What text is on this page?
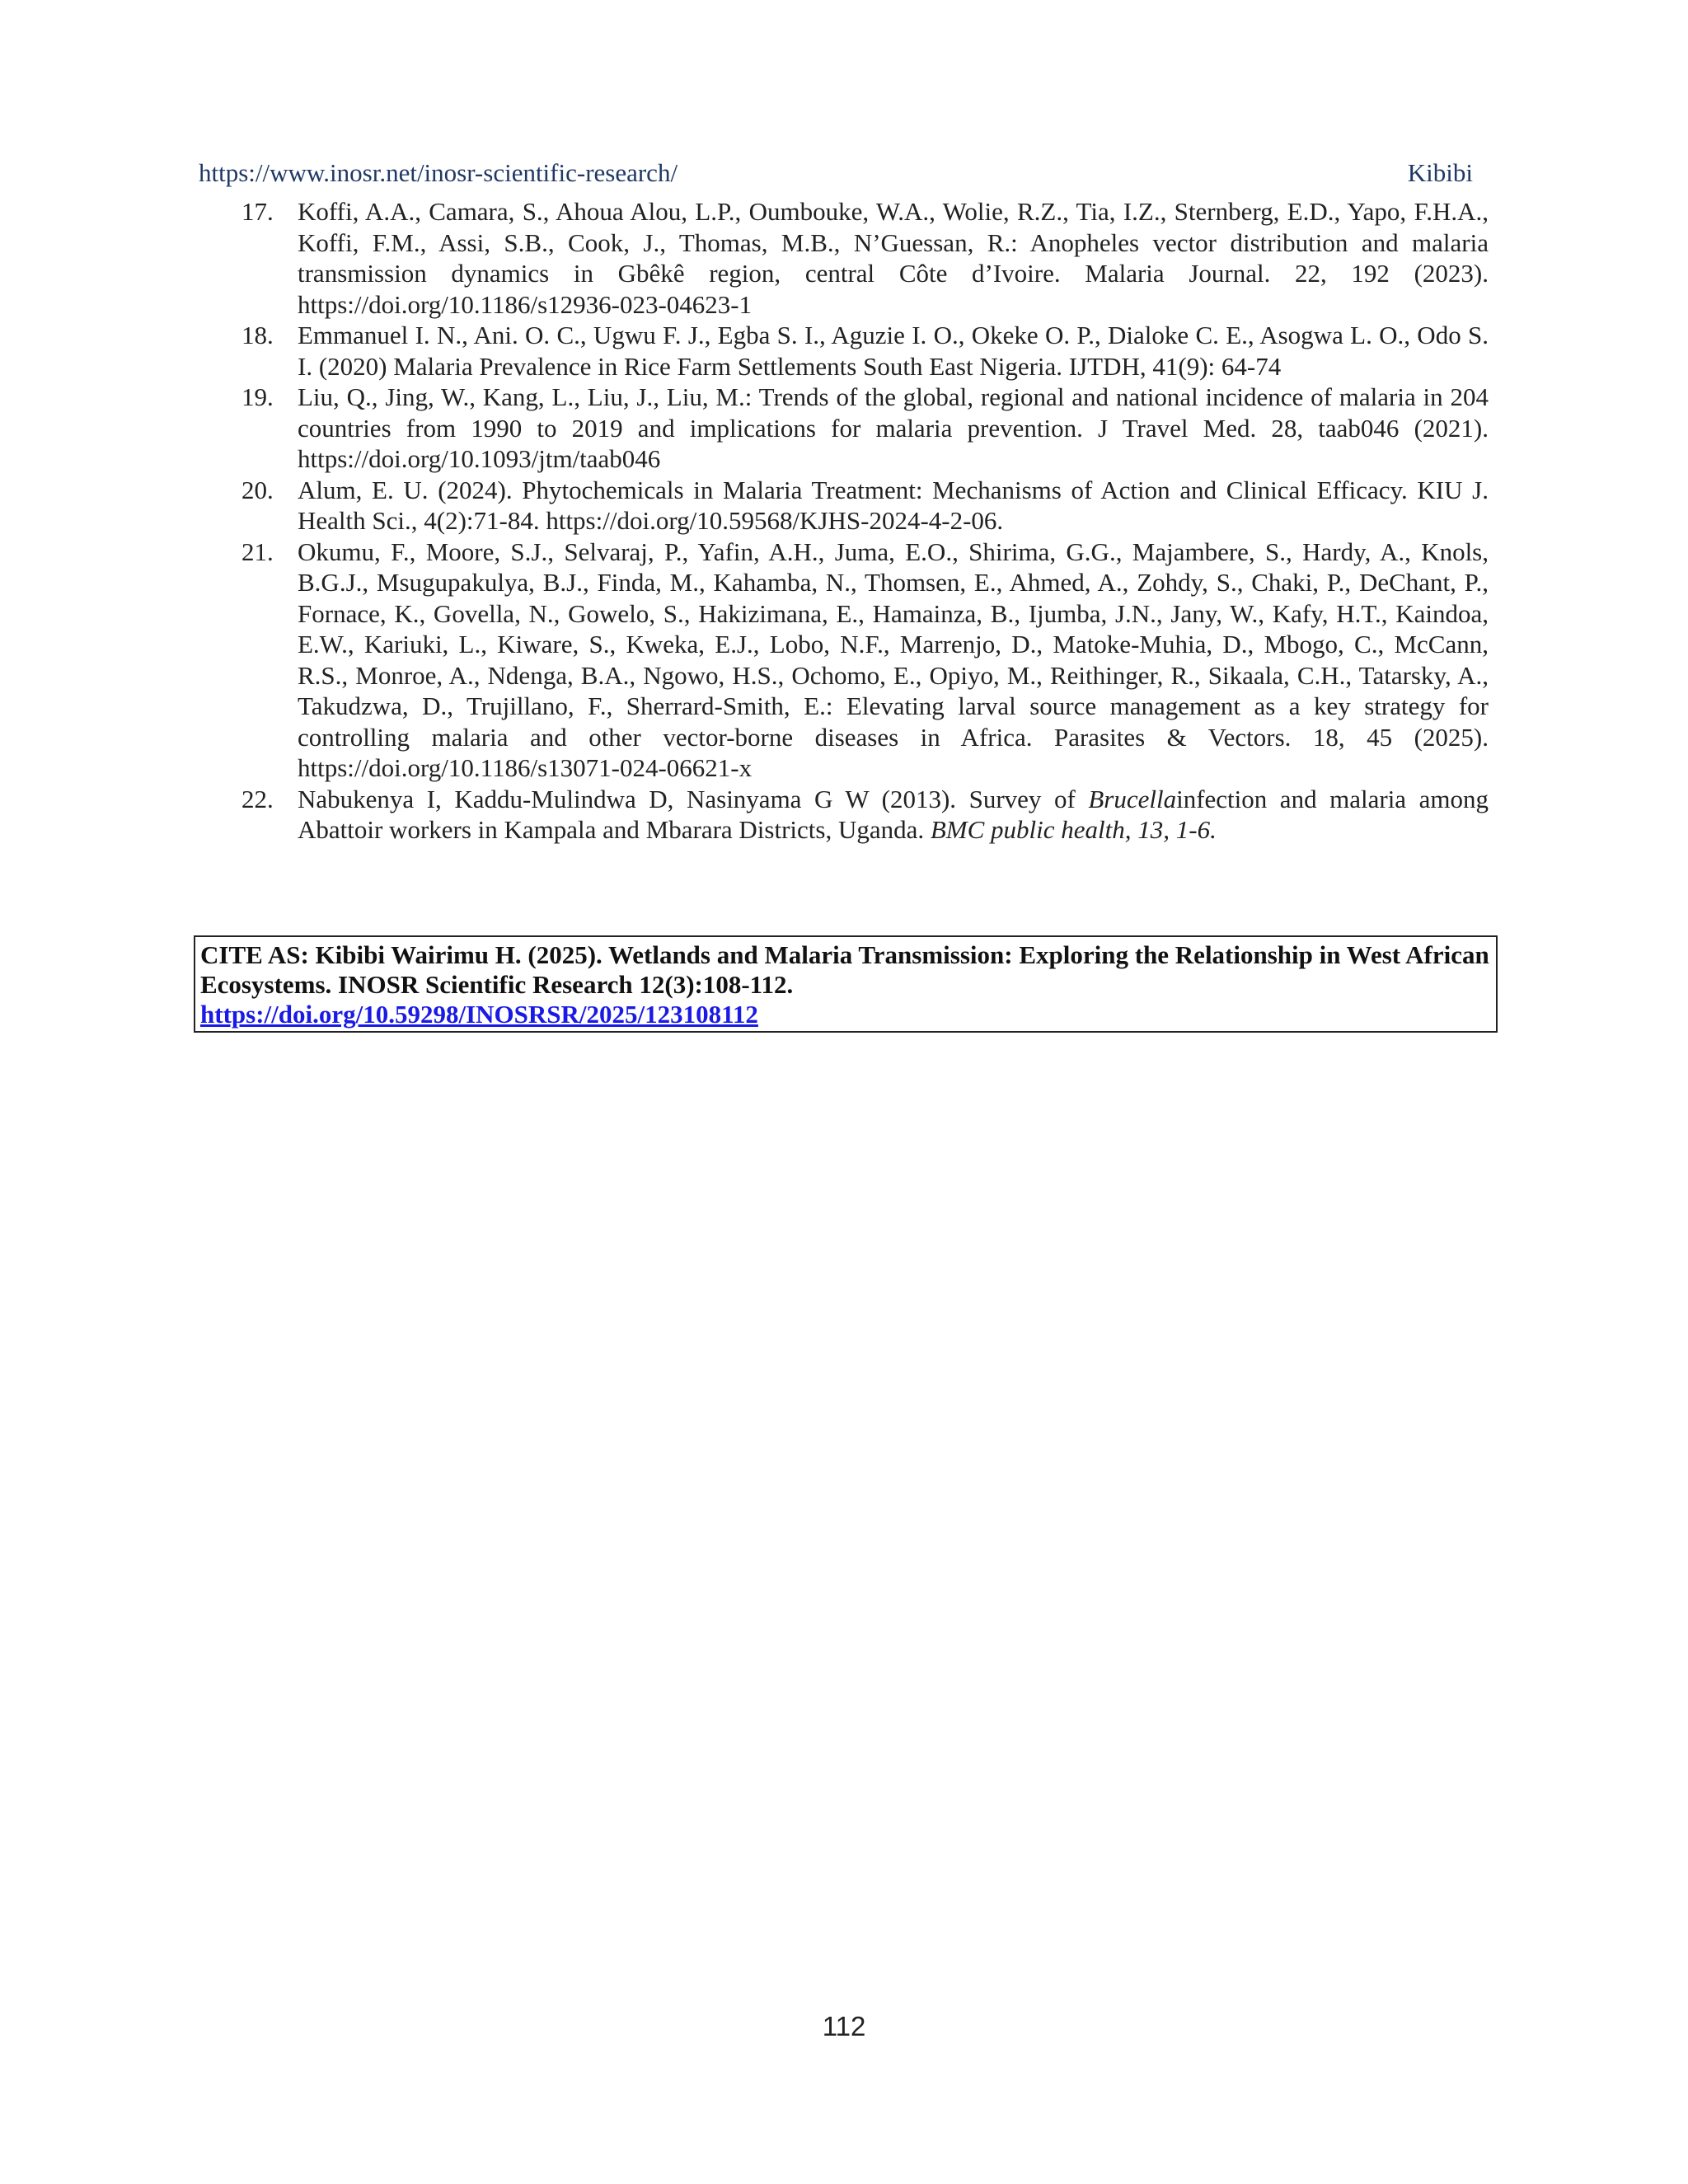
https://www.inosr.net/inosr-scientific-research/	Kibibi
17. Koffi, A.A., Camara, S., Ahoua Alou, L.P., Oumbouke, W.A., Wolie, R.Z., Tia, I.Z., Sternberg, E.D., Yapo, F.H.A., Koffi, F.M., Assi, S.B., Cook, J., Thomas, M.B., N’Guessan, R.: Anopheles vector distribution and malaria transmission dynamics in Gbêkê region, central Côte d’Ivoire. Malaria Journal. 22, 192 (2023). https://doi.org/10.1186/s12936-023-04623-1
18. Emmanuel I. N., Ani. O. C., Ugwu F. J., Egba S. I., Aguzie I. O., Okeke O. P., Dialoke C. E., Asogwa L. O., Odo S. I. (2020) Malaria Prevalence in Rice Farm Settlements South East Nigeria. IJTDH, 41(9): 64-74
19. Liu, Q., Jing, W., Kang, L., Liu, J., Liu, M.: Trends of the global, regional and national incidence of malaria in 204 countries from 1990 to 2019 and implications for malaria prevention. J Travel Med. 28, taab046 (2021). https://doi.org/10.1093/jtm/taab046
20. Alum, E. U. (2024). Phytochemicals in Malaria Treatment: Mechanisms of Action and Clinical Efficacy. KIU J. Health Sci., 4(2):71-84. https://doi.org/10.59568/KJHS-2024-4-2-06.
21. Okumu, F., Moore, S.J., Selvaraj, P., Yafin, A.H., Juma, E.O., Shirima, G.G., Majambere, S., Hardy, A., Knols, B.G.J., Msugupakulya, B.J., Finda, M., Kahamba, N., Thomsen, E., Ahmed, A., Zohdy, S., Chaki, P., DeChant, P., Fornace, K., Govella, N., Gowelo, S., Hakizimana, E., Hamainza, B., Ijumba, J.N., Jany, W., Kafy, H.T., Kaindoa, E.W., Kariuki, L., Kiware, S., Kweka, E.J., Lobo, N.F., Marrenjo, D., Matoke-Muhia, D., Mbogo, C., McCann, R.S., Monroe, A., Ndenga, B.A., Ngowo, H.S., Ochomo, E., Opiyo, M., Reithinger, R., Sikaala, C.H., Tatarsky, A., Takudzwa, D., Trujillano, F., Sherrard-Smith, E.: Elevating larval source management as a key strategy for controlling malaria and other vector-borne diseases in Africa. Parasites & Vectors. 18, 45 (2025). https://doi.org/10.1186/s13071-024-06621-x
22. Nabukenya I, Kaddu-Mulindwa D, Nasinyama G W (2013). Survey of Brucellainfection and malaria among Abattoir workers in Kampala and Mbarara Districts, Uganda. BMC public health, 13, 1-6.
CITE AS: Kibibi Wairimu H. (2025). Wetlands and Malaria Transmission: Exploring the Relationship in West African Ecosystems. INOSR Scientific Research 12(3):108-112.
https://doi.org/10.59298/INOSRSR/2025/123108112
112
